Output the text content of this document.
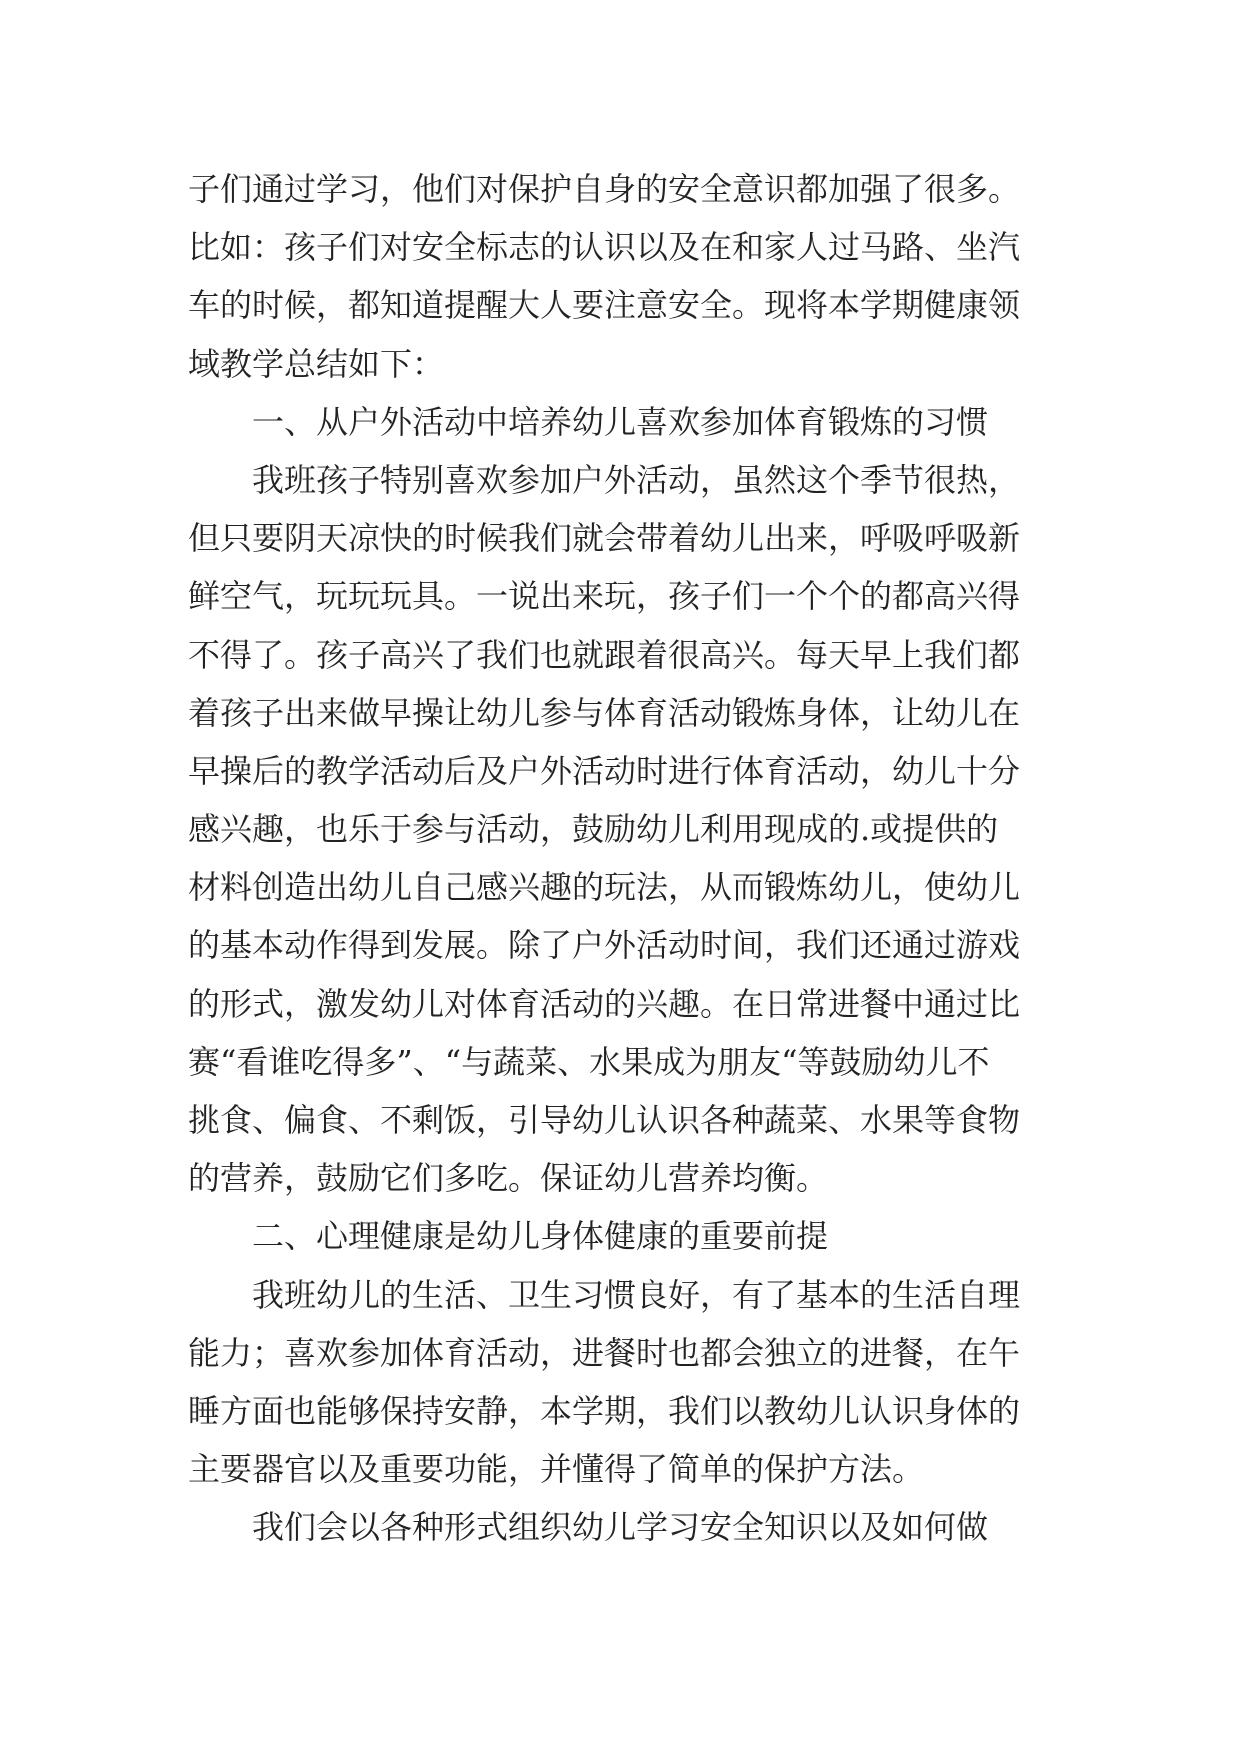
子们通过学习，他们对保护自身的安全意识都加强了很多。
比如：孩子们对安全标志的认识以及在和家人过马路、坐汽
车的时候，都知道提醒大人要注意安全。现将本学期健康领
域教学总结如下：
　　一、从户外活动中培养幼儿喜欢参加体育锻炼的习惯
　　我班孩子特别喜欢参加户外活动，虽然这个季节很热，
但只要阴天凉快的时候我们就会带着幼儿出来，呼吸呼吸新
鲜空气，玩玩玩具。一说出来玩，孩子们一个个的都高兴得
不得了。孩子高兴了我们也就跟着很高兴。每天早上我们都
着孩子出来做早操让幼儿参与体育活动锻炼身体，让幼儿在
早操后的教学活动后及户外活动时进行体育活动，幼儿十分
感兴趣，也乐于参与活动，鼓励幼儿利用现成的.或提供的
材料创造出幼儿自己感兴趣的玩法，从而锻炼幼儿，使幼儿
的基本动作得到发展。除了户外活动时间，我们还通过游戏
的形式，激发幼儿对体育活动的兴趣。在日常进餐中通过比
赛“看谁吃得多”、“与蔬菜、水果成为朋友“等鼓励幼儿不
挑食、偏食、不剩饭，引导幼儿认识各种蔬菜、水果等食物
的营养，鼓励它们多吃。保证幼儿营养均衡。
　　二、心理健康是幼儿身体健康的重要前提
　　我班幼儿的生活、卫生习惯良好，有了基本的生活自理
能力；喜欢参加体育活动，进餐时也都会独立的进餐，在午
睡方面也能够保持安静，本学期，我们以教幼儿认识身体的
主要器官以及重要功能，并懂得了简单的保护方法。
　　我们会以各种形式组织幼儿学习安全知识以及如何做
